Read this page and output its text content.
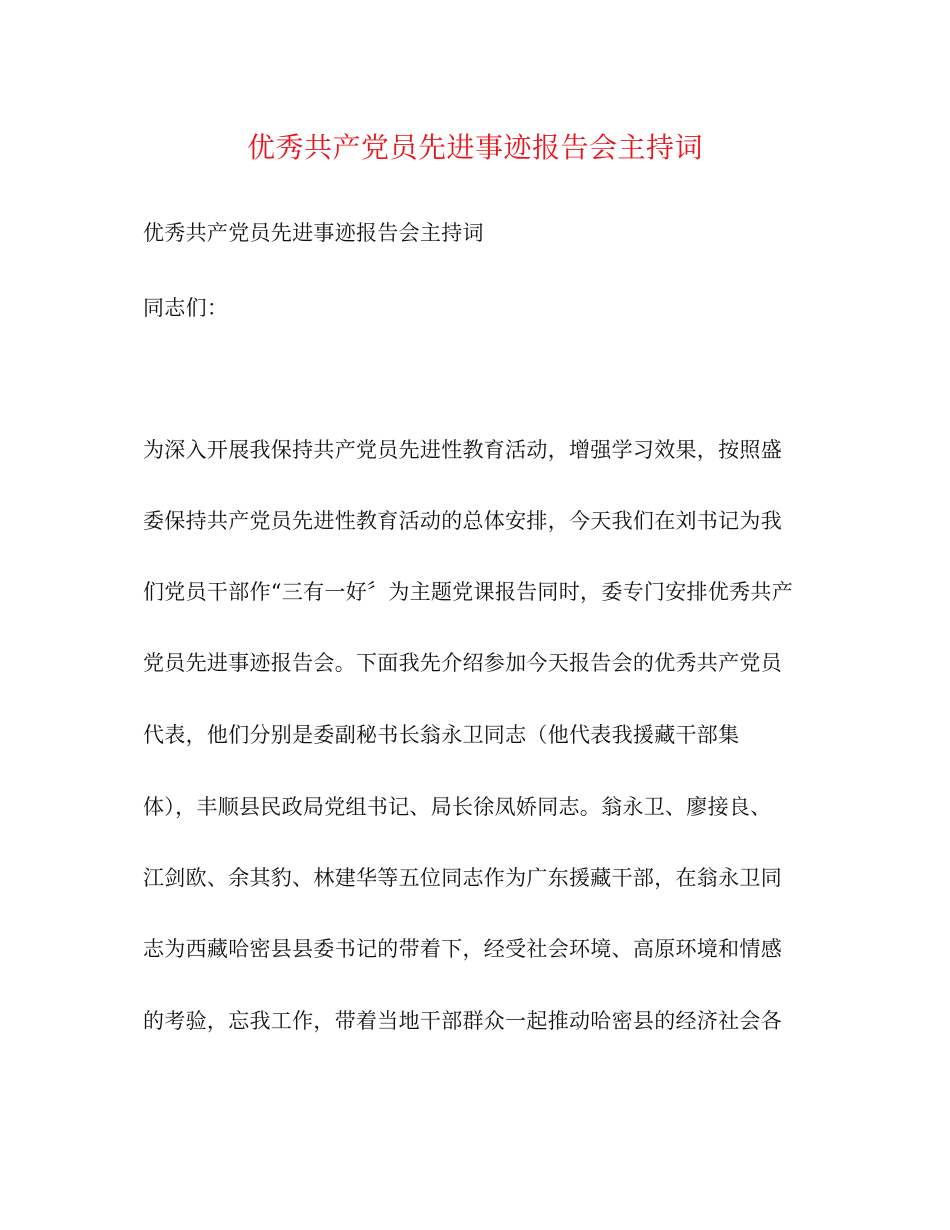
优秀共产党员先进事迹报告会主持词
优秀共产党员先进事迹报告会主持词
同志们：
为深入开展我保持共产党员先进性教育活动，增强学习效果，按照盛
委保持共产党员先进性教育活动的总体安排，今天我们在刘书记为我
们党员干部作“三有一好〞为主题党课报告同时，委专门安排优秀共产
党员先进事迹报告会。下面我先介绍参加今天报告会的优秀共产党员
代表，他们分别是委副秘书长翁永卫同志（他代表我援藏干部集
体），丰顺县民政局党组书记、局长徐凤娇同志。翁永卫、廖接良、
江剑欧、余其豹、林建华等五位同志作为广东援藏干部，在翁永卫同
志为西藏哈密县县委书记的带着下，经受社会环境、高原环境和情感
的考验，忘我工作，带着当地干部群众一起推动哈密县的经济社会各
